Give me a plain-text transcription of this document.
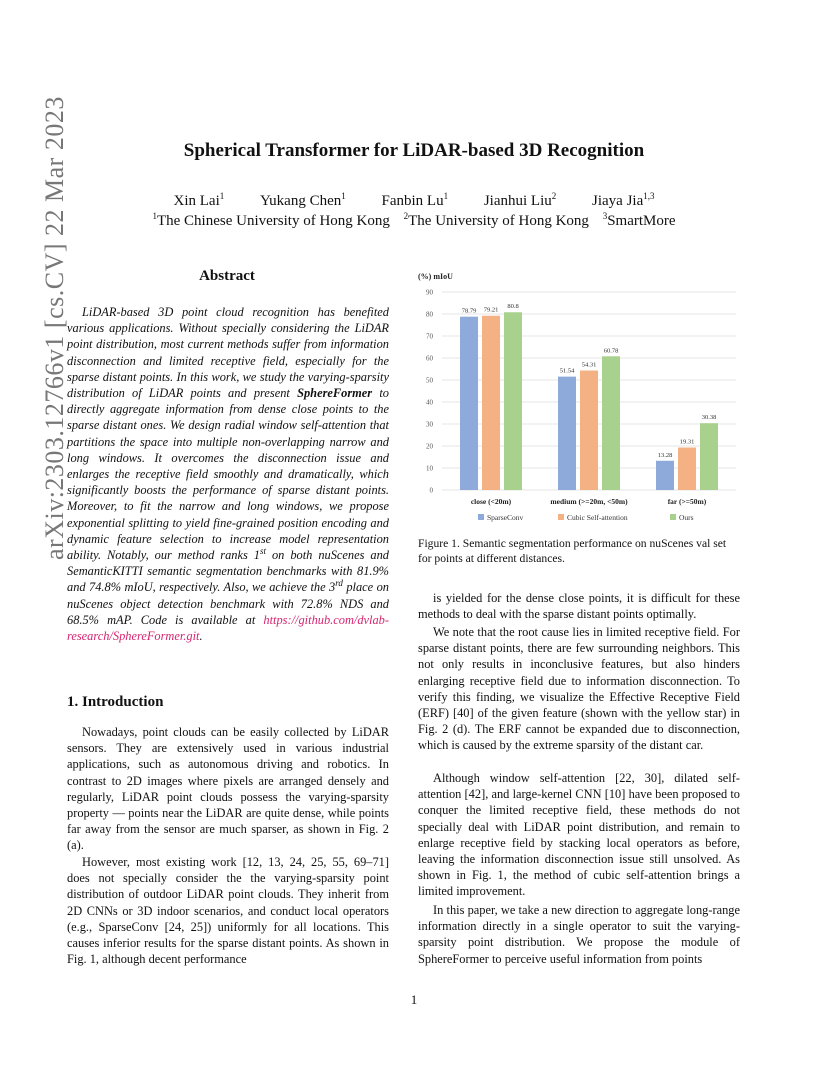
Spherical Transformer for LiDAR-based 3D Recognition
Xin Lai$^1$ Yukang Chen$^1$ Fanbin Lu$^1$ Jianhui Liu$^2$ Jiaya Jia$^{1,3}$
$^1$The Chinese University of Hong Kong $^2$The University of Hong Kong $^3$SmartMore
arXiv:2303.12766v1 [cs.CV] 22 Mar 2023	Abstract
LiDAR-based 3D point cloud recognition has benefited various applications. Without specially considering the LiDAR point distribution, most current methods suffer from information disconnection and limited receptive field, especially for the sparse distant points. In this work, we study the varying-sparsity distribution of LiDAR points and present SphereFormer to directly aggregate information from dense close points to the sparse distant ones. We design radial window self-attention that partitions the space into multiple non-overlapping narrow and long windows. It overcomes the disconnection issue and enlarges the receptive field smoothly and dramatically, which significantly boosts the performance of sparse distant points. Moreover, to fit the narrow and long windows, we propose exponential splitting to yield fine-grained position encoding and dynamic feature selection to increase model representation ability. Notably, our method ranks 1st on both nuScenes and SemanticKITTI semantic segmentation benchmarks with 81.9% and 74.8% mIoU, respectively. Also, we achieve the 3rd place on nuScenes object detection benchmark with 72.8% NDS and 68.5% mAP. Code is available at https://github.com/dvlab-research/SphereFormer.git.
1. Introduction
Nowadays, point clouds can be easily collected by LiDAR sensors. They are extensively used in various industrial applications, such as autonomous driving and robotics. In contrast to 2D images where pixels are arranged densely and regularly, LiDAR point clouds possess the varying-sparsity property — points near the LiDAR are quite dense, while points far away from the sensor are much sparser, as shown in Fig. 2 (a).
However, most existing work [12, 13, 24, 25, 55, 69–71] does not specially consider the the varying-sparsity point distribution of outdoor LiDAR point clouds. They inherit from 2D CNNs or 3D indoor scenarios, and conduct local operators (e.g., SparseConv [24, 25]) uniformly for all locations. This causes inferior results for the sparse distant points. As shown in Fig. 1, although decent performance
(%) mIoU
0
10
20
30
40
50
60
70
80
90
78.79 79.21 80.8
close (<20m)
51.54
54.31
60.78
medium (>=20m, <50m)
13.28
19.31
30.38
far (>=50m)
SparseConv	Cubic Self-attention	Ours
Figure 1. Semantic segmentation performance on nuScenes val set for points at different distances.
is yielded for the dense close points, it is difficult for these methods to deal with the sparse distant points optimally.
We note that the root cause lies in limited receptive field. For sparse distant points, there are few surrounding neighbors. This not only results in inconclusive features, but also hinders enlarging receptive field due to information disconnection. To verify this finding, we visualize the Effective Receptive Field (ERF) [40] of the given feature (shown with the yellow star) in Fig. 2 (d). The ERF cannot be expanded due to disconnection, which is caused by the extreme sparsity of the distant car.
Although window self-attention [22, 30], dilated self-attention [42], and large-kernel CNN [10] have been proposed to conquer the limited receptive field, these methods do not specially deal with LiDAR point distribution, and remain to enlarge receptive field by stacking local operators as before, leaving the information disconnection issue still unsolved. As shown in Fig. 1, the method of cubic self-attention brings a limited improvement.
In this paper, we take a new direction to aggregate long-range information directly in a single operator to suit the varying-sparsity point distribution. We propose the module of SphereFormer to perceive useful information from points
1
